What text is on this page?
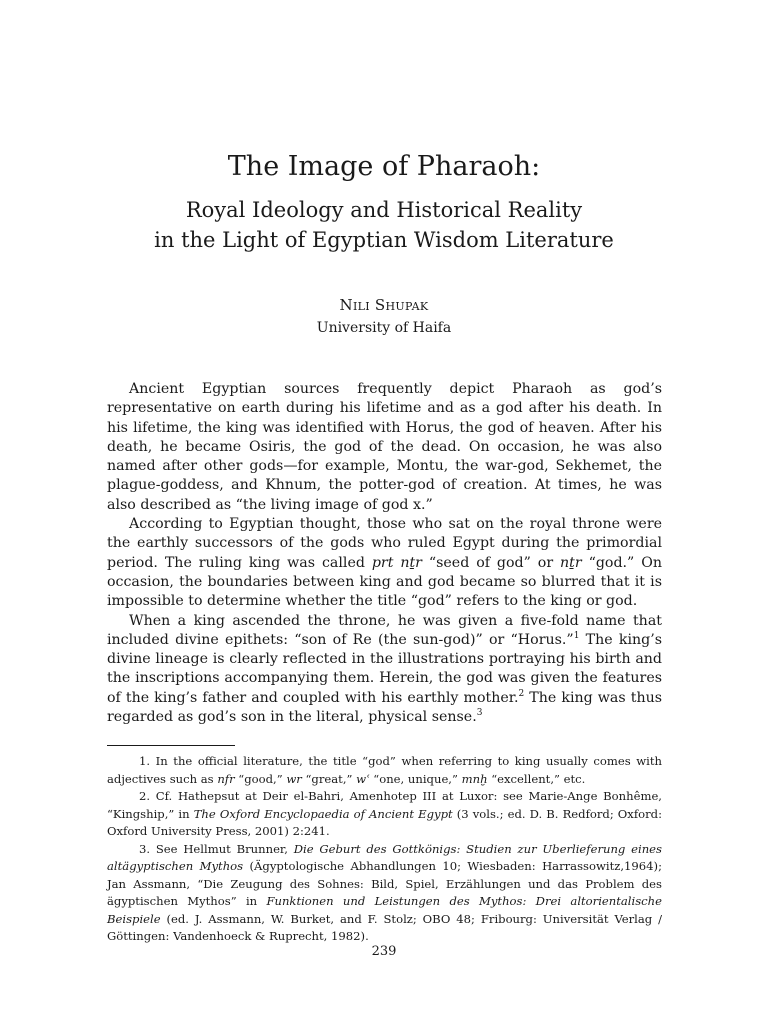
The Image of Pharaoh:
Royal Ideology and Historical Reality
in the Light of Egyptian Wisdom Literature
Nili Shupak
University of Haifa

Ancient Egyptian sources frequently depict Pharaoh as god’s representative on earth during his lifetime and as a god after his death. In his lifetime, the king was identified with Horus, the god of heaven. After his death, he became Osiris, the god of the dead. On occasion, he was also named after other gods—for example, Montu, the war-god, Sekhemet, the plague-goddess, and Khnum, the potter-god of creation. At times, he was also described as “the living image of god x.”

According to Egyptian thought, those who sat on the royal throne were the earthly successors of the gods who ruled Egypt during the primordial period. The ruling king was called prt nṯr “seed of god” or nṯr “god.” On occasion, the boundaries between king and god became so blurred that it is impossible to determine whether the title “god” refers to the king or god.

When a king ascended the throne, he was given a five-fold name that included divine epithets: “son of Re (the sun-god)” or “Horus.”$^1$ The king’s divine lineage is clearly reflected in the illustrations portraying his birth and the inscriptions accompanying them. Herein, the god was given the features of the king’s father and coupled with his earthly mother.$^2$ The king was thus regarded as god’s son in the literal, physical sense.$^3$

1. In the official literature, the title “god” when referring to king usually comes with adjectives such as nfr “good,” wr “great,” wʿ “one, unique,” mnḫ “excellent,” etc.

2. Cf. Hathepsut at Deir el-Bahri, Amenhotep III at Luxor: see Marie-Ange Bonhême, “Kingship,” in The Oxford Encyclopaedia of Ancient Egypt (3 vols.; ed. D. B. Redford; Oxford: Oxford University Press, 2001) 2:241.

3. See Hellmut Brunner, Die Geburt des Gottkönigs: Studien zur Uberlieferung eines altägyptischen Mythos (Ägyptologische Abhandlungen 10; Wiesbaden: Harrassowitz,1964); Jan Assmann, “Die Zeugung des Sohnes: Bild, Spiel, Erzählungen und das Problem des ägyptischen Mythos” in Funktionen und Leistungen des Mythos: Drei altorientalische Beispiele (ed. J. Assmann, W. Burket, and F. Stolz; OBO 48; Fribourg: Universität Verlag / Göttingen: Vandenhoeck & Ruprecht, 1982).

239
